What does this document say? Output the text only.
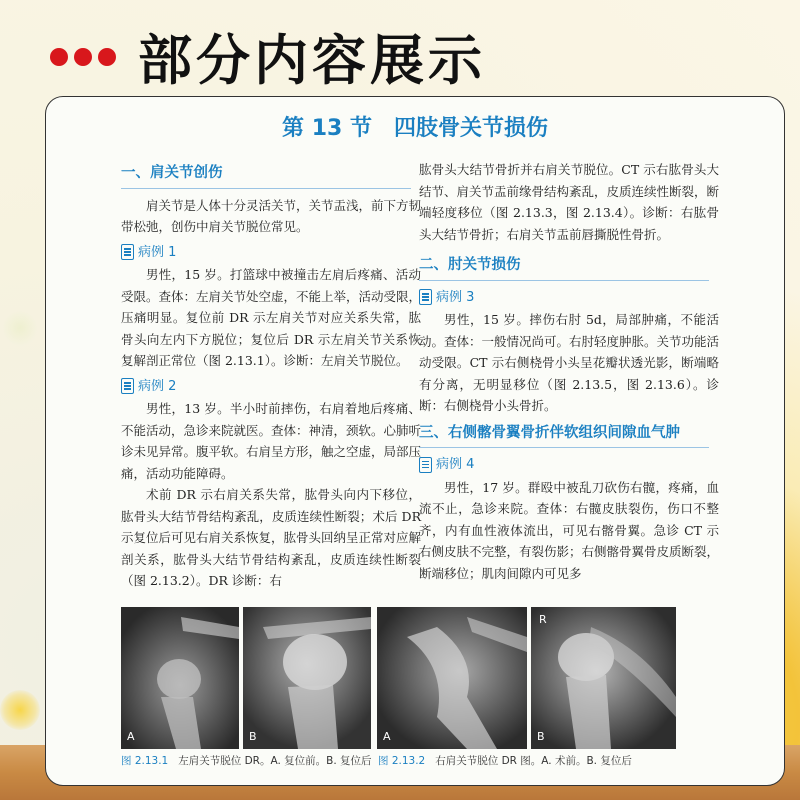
部分内容展示
第 13 节　四肢骨关节损伤
一、肩关节创伤

肩关节是人体十分灵活关节，关节盂浅，前下方韧带松弛，创伤中肩关节脱位常见。

病例 1

男性，15 岁。打篮球中被撞击左肩后疼痛、活动受限。查体：左肩关节处空虚，不能上举，活动受限，压痛明显。复位前 DR 示左肩关节对应关系失常，肱骨头向左内下方脱位；复位后 DR 示左肩关节关系恢复解剖正常位（图 2.13.1）。诊断：左肩关节脱位。

病例 2

男性，13 岁。半小时前摔伤，右肩着地后疼痛、不能活动，急诊来院就医。查体：神清，颈软。心肺听诊未见异常。腹平软。右肩呈方形，触之空虚，局部压痛，活动功能障碍。

术前 DR 示右肩关系失常，肱骨头向内下移位，肱骨头大结节骨结构紊乱，皮质连续性断裂；术后 DR 示复位后可见右肩关系恢复，肱骨头回纳呈正常对应解剖关系，肱骨头大结节骨结构紊乱，皮质连续性断裂（图 2.13.2）。DR 诊断：右

肱骨头大结节骨折并右肩关节脱位。CT 示右肱骨头大结节、肩关节盂前缘骨结构紊乱，皮质连续性断裂，断端轻度移位（图 2.13.3，图 2.13.4）。诊断：右肱骨头大结节骨折；右肩关节盂前唇撕脱性骨折。

二、肘关节损伤
病例 3

男性，15 岁。摔伤右肘 5d，局部肿痛，不能活动。查体：一般情况尚可。右肘轻度肿胀。关节功能活动受限。CT 示右侧桡骨小头呈花瓣状透光影，断端略有分离，无明显移位（图 2.13.5，图 2.13.6）。诊断：右侧桡骨小头骨折。

三、右侧髂骨翼骨折伴软组织间隙血气肿
病例 4

男性，17 岁。群殴中被乱刀砍伤右髋，疼痛，血流不止，急诊来院。查体：右髋皮肤裂伤，伤口不整齐，内有血性液体流出，可见右髂骨翼。急诊 CT 示右侧皮肤不完整，有裂伤影；右侧髂骨翼骨皮质断裂，断端移位；肌肉间隙内可见多

A	B	A
R
B
图 2.13.1 左肩关节脱位 DR。A. 复位前。B. 复位后 图 2.13.2 右肩关节脱位 DR 图。A. 术前。B. 复位后
